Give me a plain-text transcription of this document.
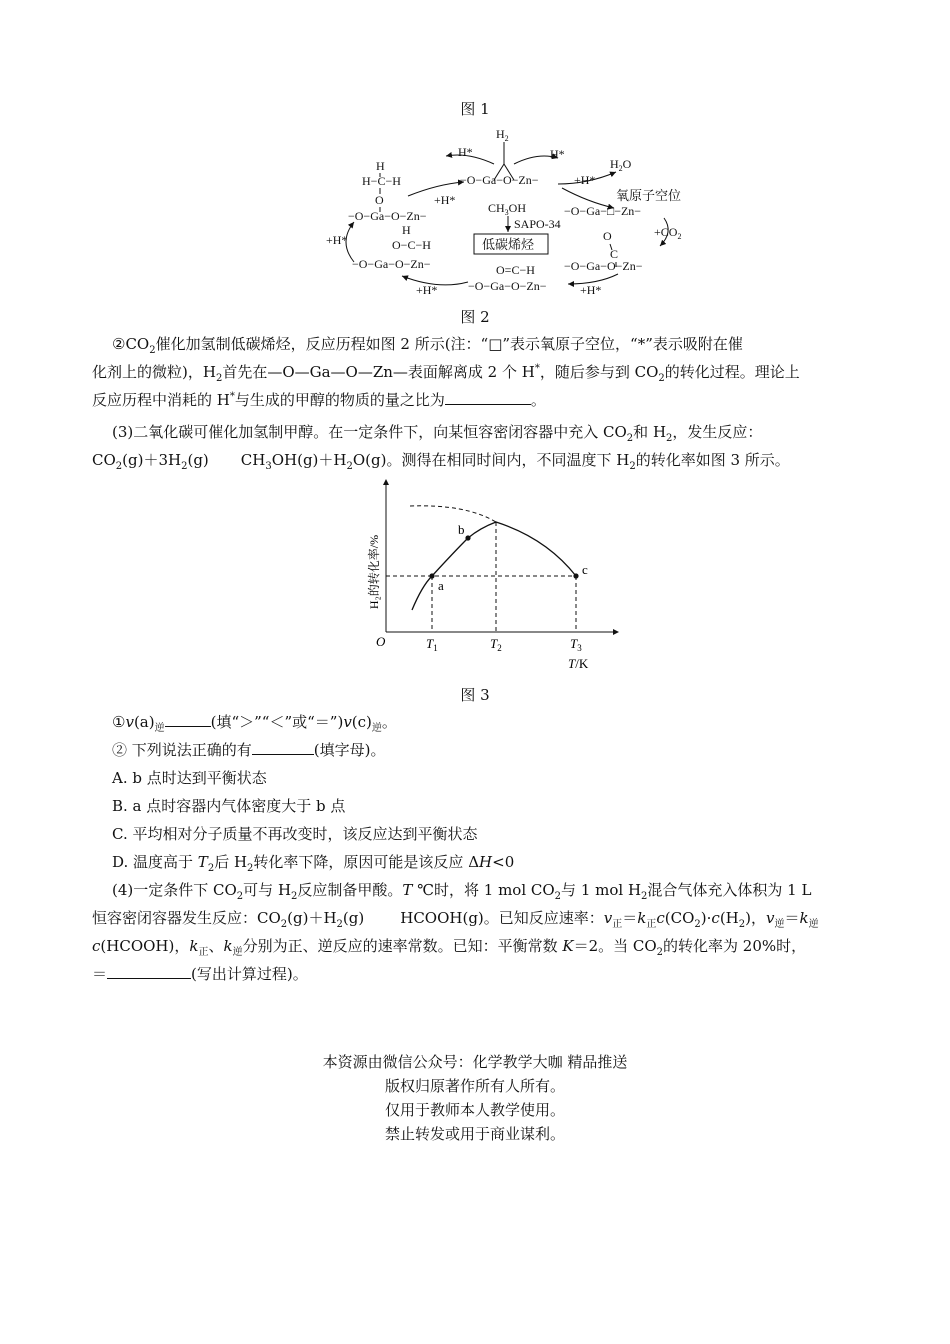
图 1
$H_2$
H*	H*
−O−Ga−O−Zn−
H
H−C−H
O
−O−Ga−O−Zn−
+H*
$CH_3OH$
SAPO-34
低碳烯烃
$H_2O$
+H*
氧原子空位
−O−Ga−□−Zn−
$+CO_2$
O
C
−O−Ga−O−Zn−
+H*
O=C−H
−O−Ga−O−Zn−
+H*
H
O−C−H
−O−Ga−O−Zn−
+H*
图 2
$②CO_2$催化加氢制低碳烯烃，反应历程如图 2 所示(注：“□”表示氧原子空位，“*”表示吸附在催
化剂上的微粒)，$H_2$首先在—O—Ga—O—Zn—表面解离成 2 个 H*，随后参与到 $CO_2$的转化过程。理论上
反应历程中消耗的 H*与生成的甲醇的物质的量之比为	。
(3)二氧化碳可催化加氢制甲醇。在一定条件下，向某恒容密闭容器中充入 $CO_2$和 $H_2$，发生反应：
$CO_2(g)+3H_2(g)$ $CH_3OH(g)+H_2O(g)$。测得在相同时间内，不同温度下 $H_2$的转化率如图 3 所示。
a
b
c
$T_1$	$T_2$	$T_3$
O
T/K
H₂的转化率/%
图 3
$①v(a)_逆$	(填“＞”“＜”或“$=”)v(c)_逆$。
② 下列说法正确的有	(填字母)。
A. b 点时达到平衡状态
B. a 点时容器内气体密度大于 b 点
C. 平均相对分子质量不再改变时，该反应达到平衡状态
D. 温度高于 $T_2$后 $H_2$转化率下降，原因可能是该反应 ΔH<0
(4)一定条件下 $CO_2$可与 $H_2$反应制备甲酸。T ℃时，将 1 mol $CO_2$与 1 mol $H_2$混合气体充入体积为 1 L
恒容密闭容器发生反应：$CO_2(g)+H_2(g)$ HCOOH(g)。已知反应速率：$v_正=k_正c(CO_2)\cdot c(H_2)$，$v_逆=k_逆$
c(HCOOH)，$k_正$、$k_逆$分别为正、逆反应的速率常数。已知：平衡常数 K＝2。当 $CO_2$的转化率为 20%时，
＝	(写出计算过程)。
本资源由微信公众号：化学教学大咖 精品推送
版权归原著作所有人所有。
仅用于教师本人教学使用。
禁止转发或用于商业谋利。
